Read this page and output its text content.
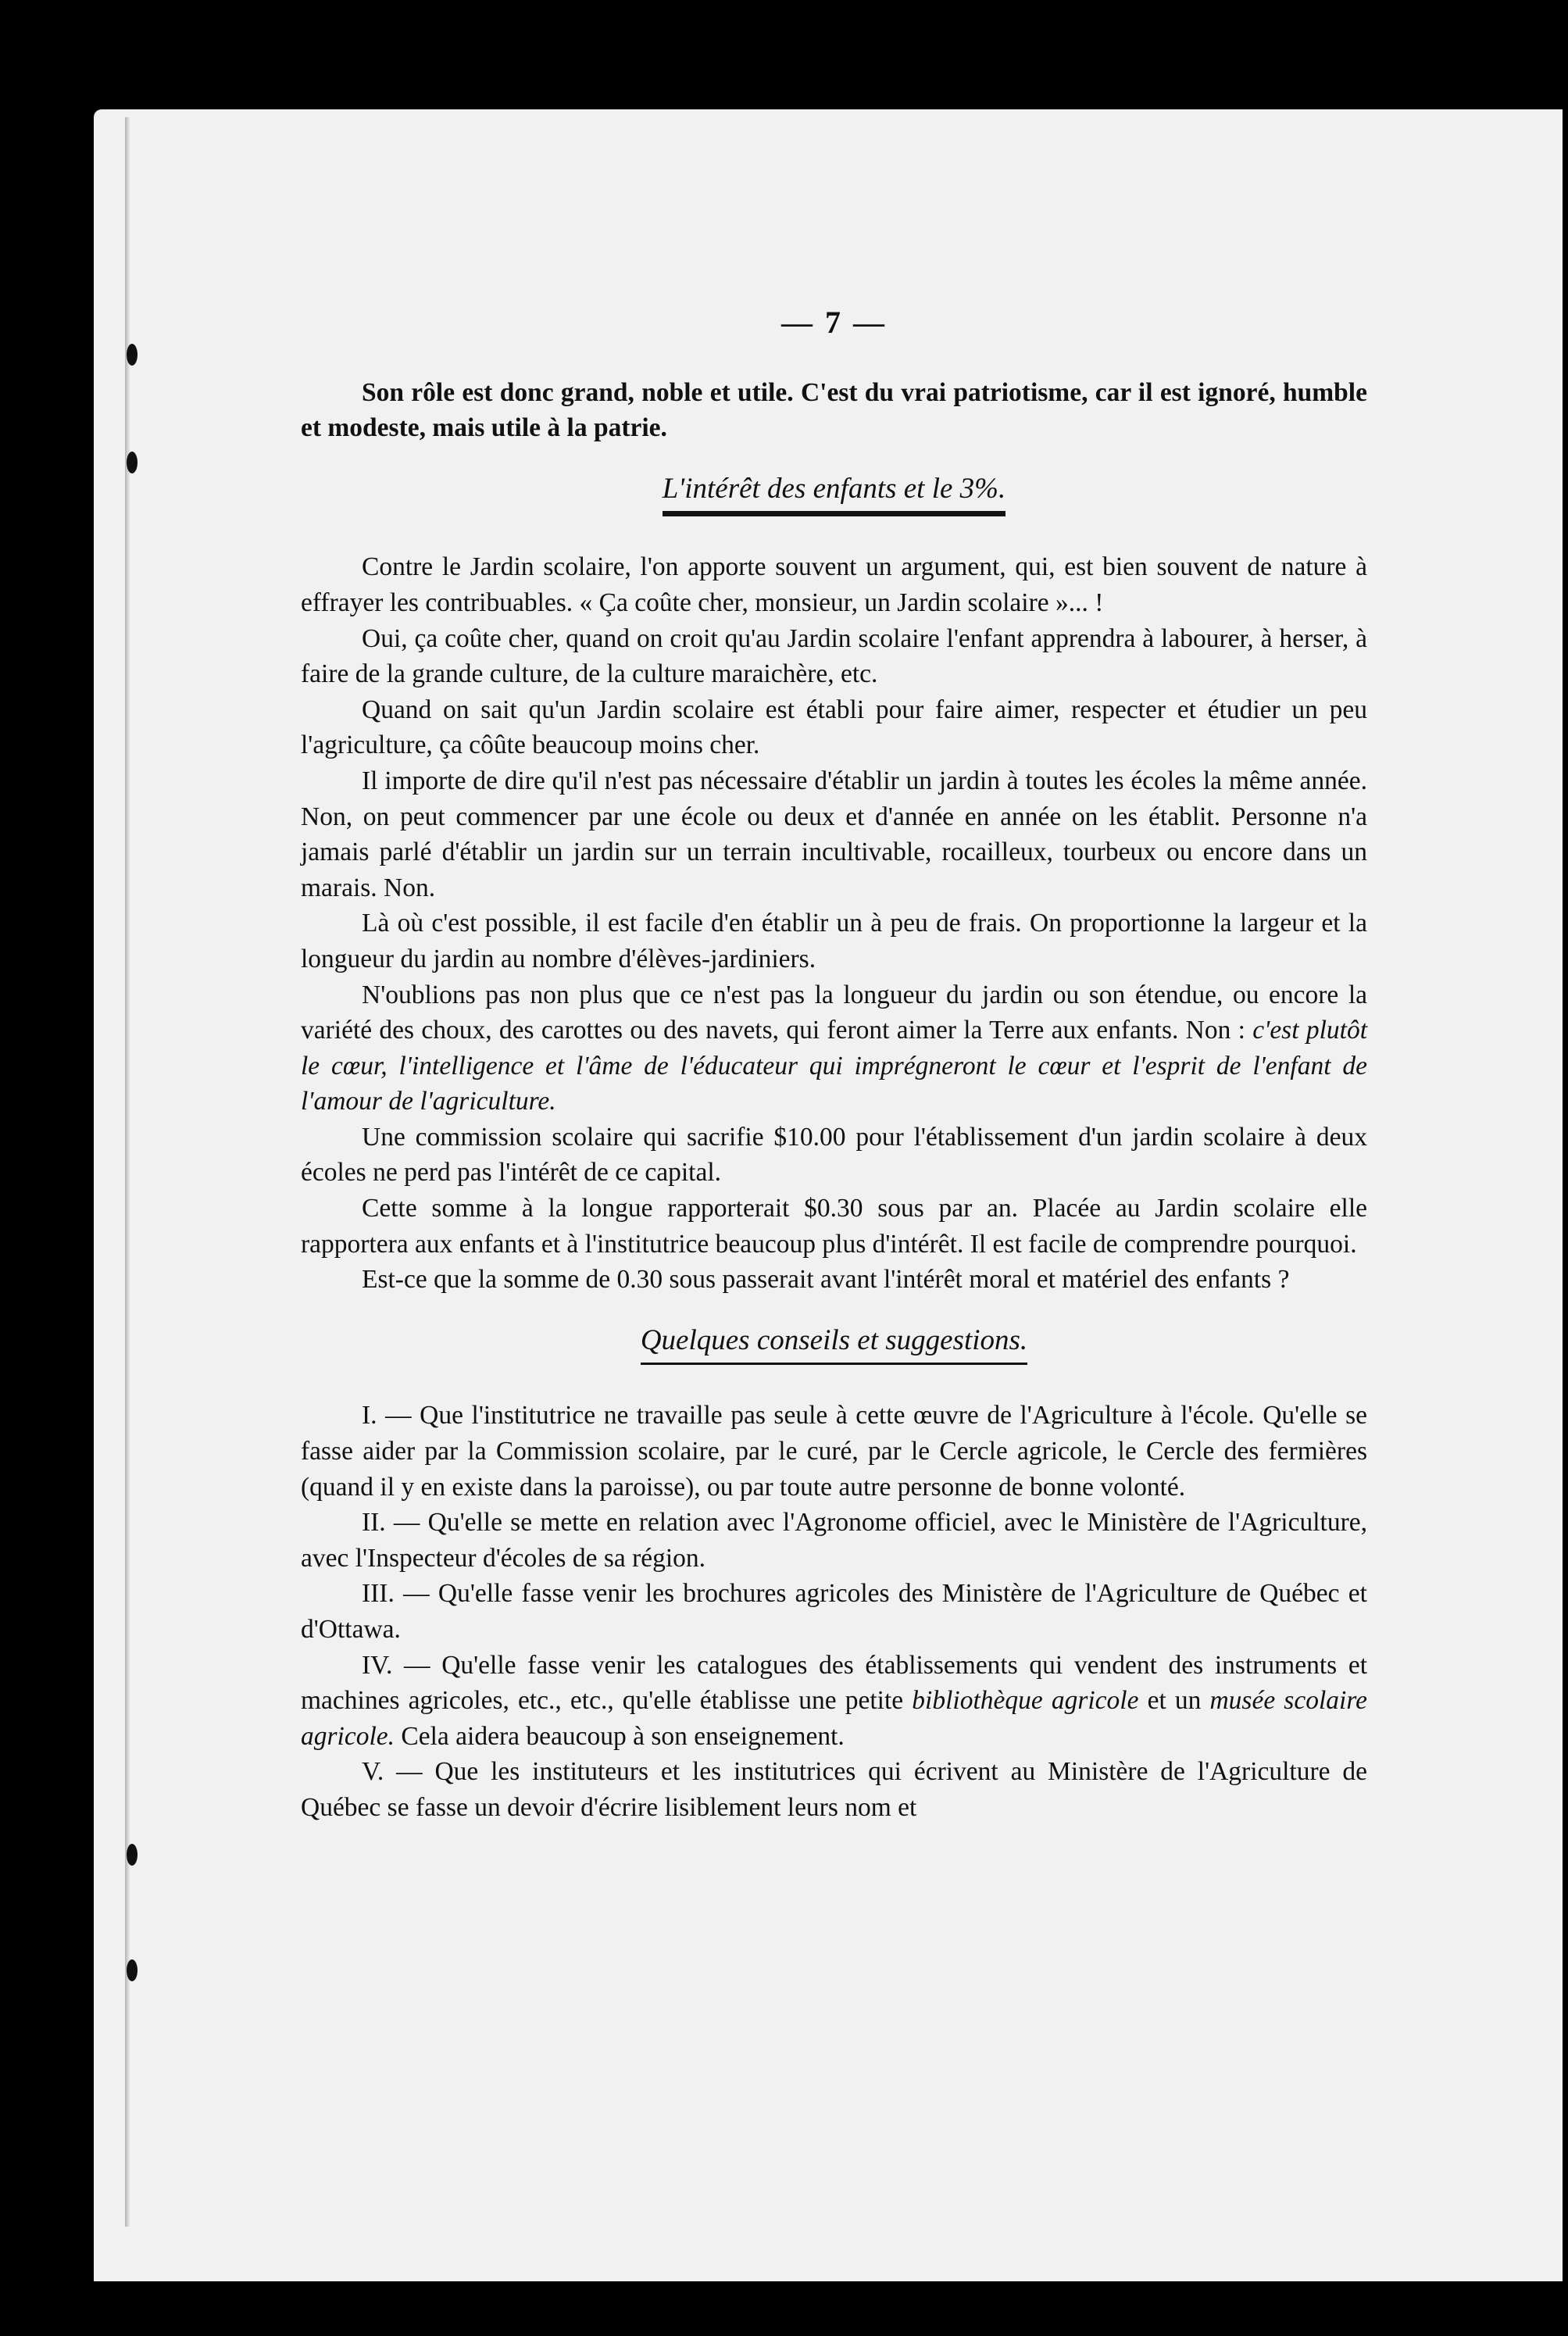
— 7 —

Son rôle est donc grand, noble et utile. C'est du vrai patriotisme, car il est ignoré, humble et modeste, mais utile à la patrie.

L'intérêt des enfants et le 3%.

Contre le Jardin scolaire, l'on apporte souvent un argument, qui, est bien souvent de nature à effrayer les contribuables. « Ça coûte cher, monsieur, un Jardin scolaire »... !

Oui, ça coûte cher, quand on croit qu'au Jardin scolaire l'enfant apprendra à labourer, à herser, à faire de la grande culture, de la culture maraichère, etc.

Quand on sait qu'un Jardin scolaire est établi pour faire aimer, respecter et étudier un peu l'agriculture, ça côûte beaucoup moins cher.

Il importe de dire qu'il n'est pas nécessaire d'établir un jardin à toutes les écoles la même année. Non, on peut commencer par une école ou deux et d'année en année on les établit. Personne n'a jamais parlé d'établir un jardin sur un terrain incultivable, rocailleux, tourbeux ou encore dans un marais. Non.

Là où c'est possible, il est facile d'en établir un à peu de frais. On proportionne la largeur et la longueur du jardin au nombre d'élèves-jardiniers.

N'oublions pas non plus que ce n'est pas la longueur du jardin ou son étendue, ou encore la variété des choux, des carottes ou des navets, qui feront aimer la Terre aux enfants. Non : c'est plutôt le cœur, l'intelligence et l'âme de l'éducateur qui imprégneront le cœur et l'esprit de l'enfant de l'amour de l'agriculture.

Une commission scolaire qui sacrifie $10.00 pour l'établissement d'un jardin scolaire à deux écoles ne perd pas l'intérêt de ce capital.

Cette somme à la longue rapporterait $0.30 sous par an. Placée au Jardin scolaire elle rapportera aux enfants et à l'institutrice beaucoup plus d'intérêt. Il est facile de comprendre pourquoi.

Est-ce que la somme de 0.30 sous passerait avant l'intérêt moral et matériel des enfants ?

Quelques conseils et suggestions.

I. — Que l'institutrice ne travaille pas seule à cette œuvre de l'Agriculture à l'école. Qu'elle se fasse aider par la Commission scolaire, par le curé, par le Cercle agricole, le Cercle des fermières (quand il y en existe dans la paroisse), ou par toute autre personne de bonne volonté.

II. — Qu'elle se mette en relation avec l'Agronome officiel, avec le Ministère de l'Agriculture, avec l'Inspecteur d'écoles de sa région.

III. — Qu'elle fasse venir les brochures agricoles des Ministère de l'Agriculture de Québec et d'Ottawa.

IV. — Qu'elle fasse venir les catalogues des établissements qui vendent des instruments et machines agricoles, etc., etc., qu'elle établisse une petite bibliothèque agricole et un musée scolaire agricole. Cela aidera beaucoup à son enseignement.

V. — Que les instituteurs et les institutrices qui écrivent au Ministère de l'Agriculture de Québec se fasse un devoir d'écrire lisiblement leurs nom et
